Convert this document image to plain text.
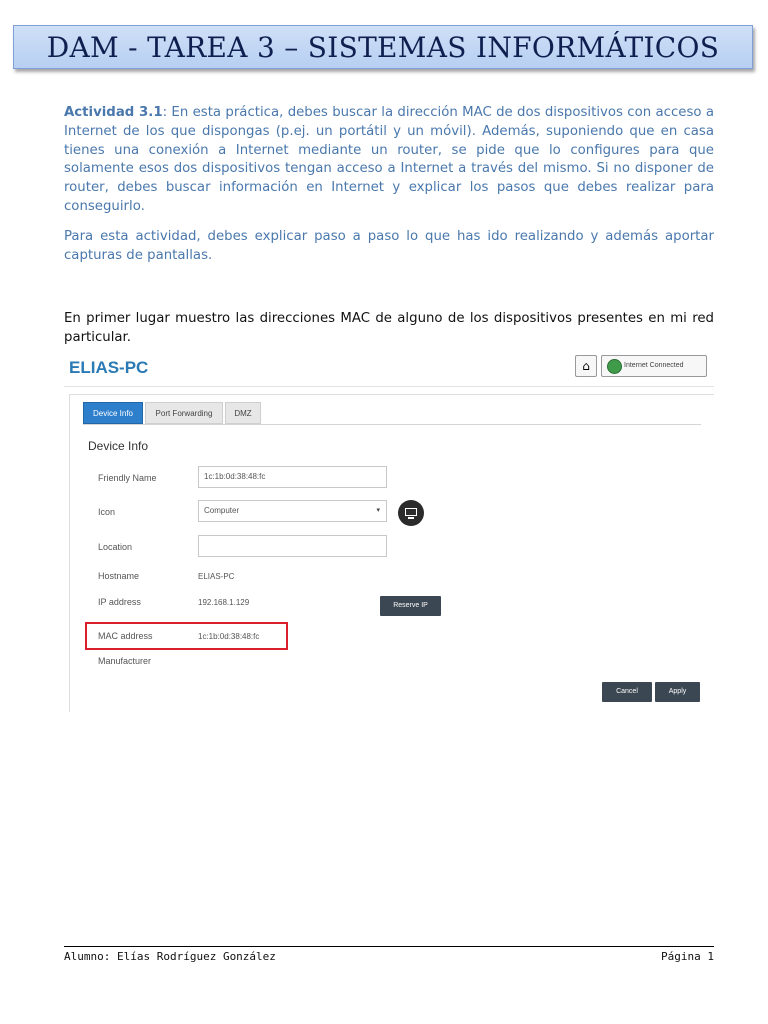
DAM - TAREA 3 – SISTEMAS INFORMÁTICOS

Actividad 3.1: En esta práctica, debes buscar la dirección MAC de dos dispositivos con acceso a Internet de los que dispongas (p.ej. un portátil y un móvil). Además, suponiendo que en casa tienes una conexión a Internet mediante un router, se pide que lo configures para que solamente esos dos dispositivos tengan acceso a Internet a través del mismo. Si no disponer de router, debes buscar información en Internet y explicar los pasos que debes realizar para conseguirlo.

Para esta actividad, debes explicar paso a paso lo que has ido realizando y además aportar capturas de pantallas.

En primer lugar muestro las direcciones MAC de alguno de los dispositivos presentes en mi red particular.
ELIAS-PC	⌂	Internet Connected
Device Info	Port Forwarding	DMZ
Device Info
Friendly Name	1c:1b:0d:38:48:fc
Icon	Computer	▾
Location
Hostname	ELIAS-PC
IP address	192.168.1.129	Reserve IP
MAC address	1c:1b:0d:38:48:fc
Manufacturer
Cancel	Apply
Alumno: Elías Rodríguez González	Página 1
